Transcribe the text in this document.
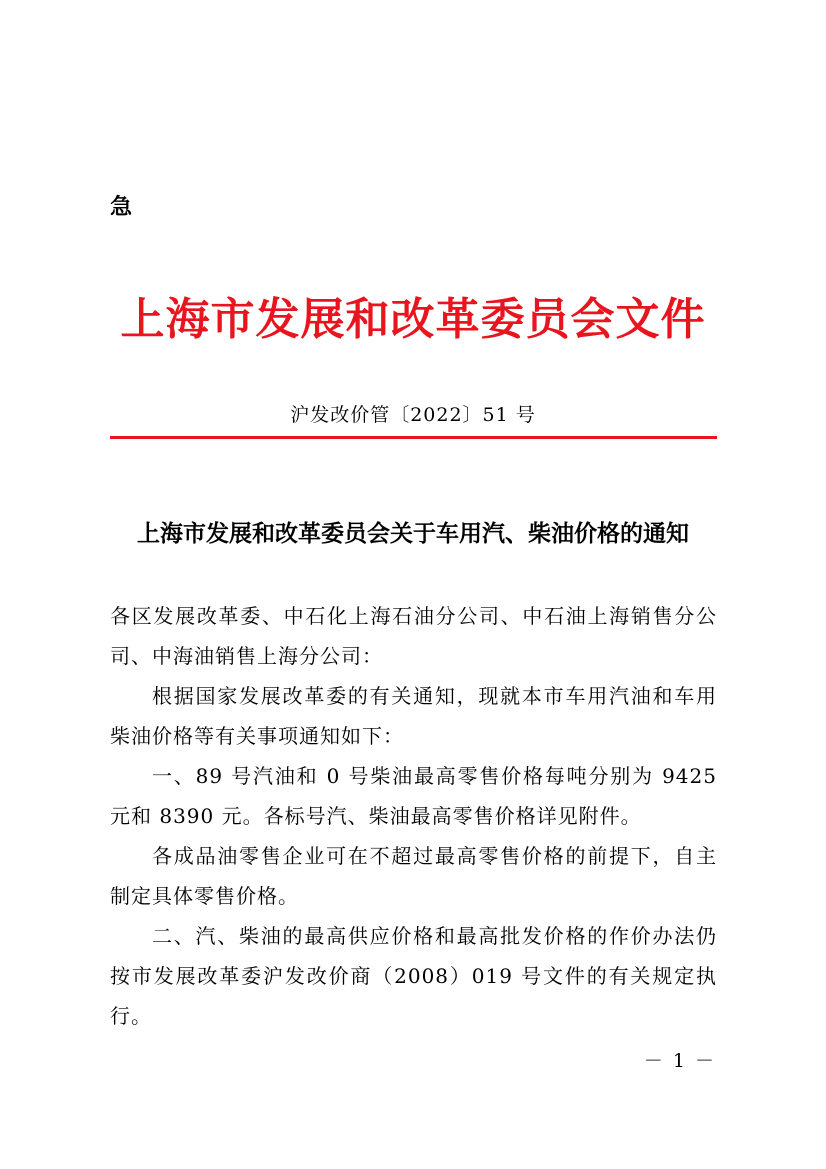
急
上海市发展和改革委员会文件
沪发改价管〔2022〕51 号
上海市发展和改革委员会关于车用汽、柴油价格的通知

各区发展改革委、中石化上海石油分公司、中石油上海销售分公司、中海油销售上海分公司：

根据国家发展改革委的有关通知，现就本市车用汽油和车用柴油价格等有关事项通知如下：

一、89 号汽油和 0 号柴油最高零售价格每吨分别为 9425 元和 8390 元。各标号汽、柴油最高零售价格详见附件。

各成品油零售企业可在不超过最高零售价格的前提下，自主制定具体零售价格。

二、汽、柴油的最高供应价格和最高批发价格的作价办法仍按市发展改革委沪发改价商（2008）019 号文件的有关规定执行。

－ 1 －
